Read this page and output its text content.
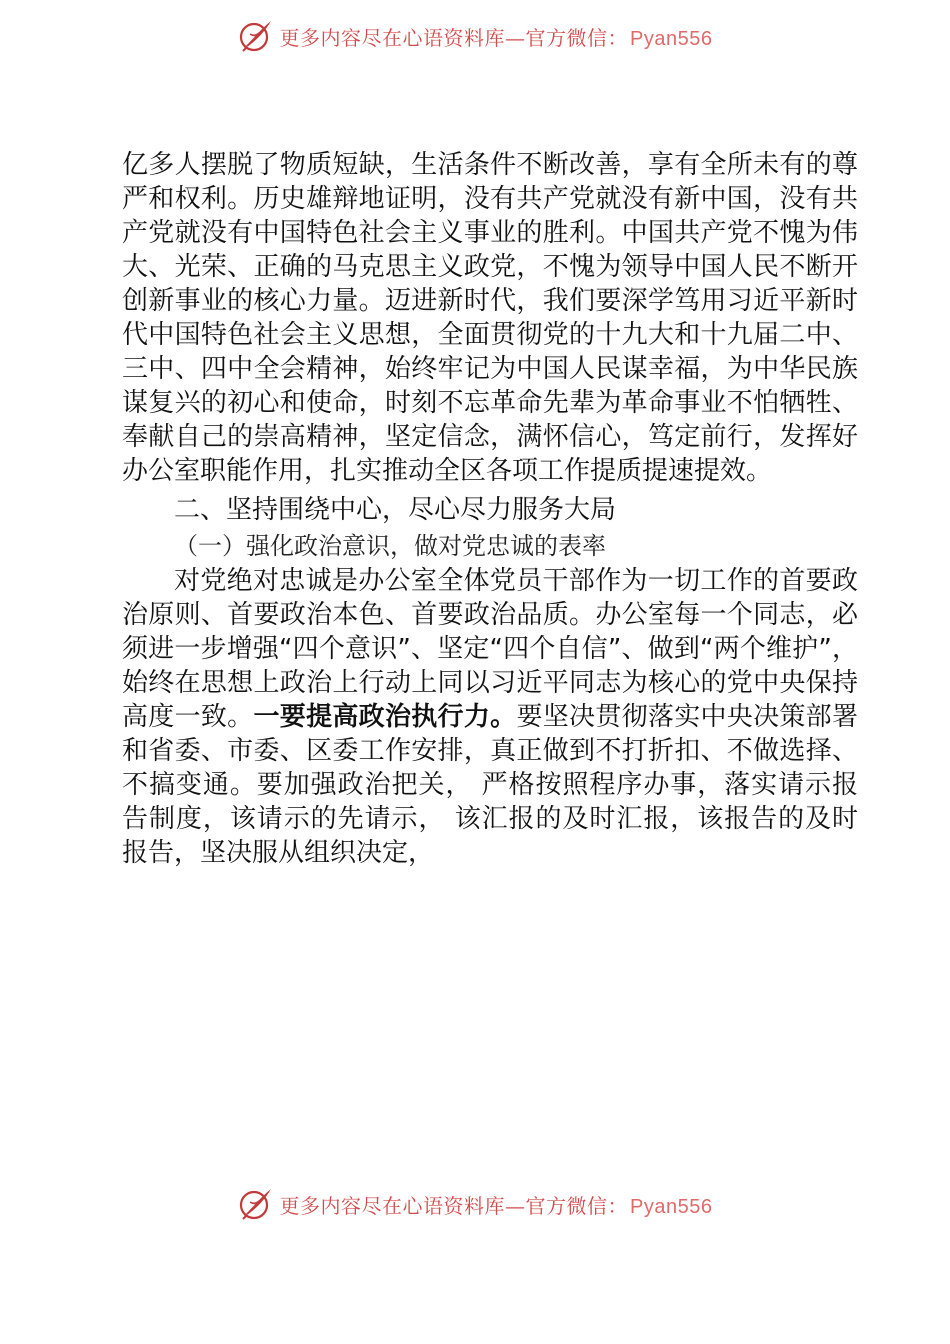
更多内容尽在心语资料库—官方微信： Pyan556

亿多人摆脱了物质短缺，生活条件不断改善，享有全所未有的尊严和权利。历史雄辩地证明，没有共产党就没有新中国，没有共产党就没有中国特色社会主义事业的胜利。中国共产党不愧为伟大、光荣、正确的马克思主义政党，不愧为领导中国人民不断开创新事业的核心力量。迈进新时代，我们要深学笃用习近平新时代中国特色社会主义思想，全面贯彻党的十九大和十九届二中、三中、四中全会精神，始终牢记为中国人民谋幸福，为中华民族谋复兴的初心和使命，时刻不忘革命先辈为革命事业不怕牺牲、奉献自己的崇高精神，坚定信念，满怀信心，笃定前行，发挥好办公室职能作用，扎实推动全区各项工作提质提速提效。

二、坚持围绕中心，尽心尽力服务大局

（一）强化政治意识，做对党忠诚的表率

对党绝对忠诚是办公室全体党员干部作为一切工作的首要政治原则、首要政治本色、首要政治品质。办公室每一个同志，必须进一步增强“四个意识”、坚定“四个自信”、做到“两个维护”，始终在思想上政治上行动上同以习近平同志为核心的党中央保持高度一致。一要提高政治执行力。要坚决贯彻落实中央决策部署和省委、市委、区委工作安排，真正做到不打折扣、不做选择、不搞变通。要加强政治把关， 严格按照程序办事，落实请示报告制度，该请示的先请示， 该汇报的及时汇报，该报告的及时报告，坚决服从组织决定，

更多内容尽在心语资料库—官方微信： Pyan556
